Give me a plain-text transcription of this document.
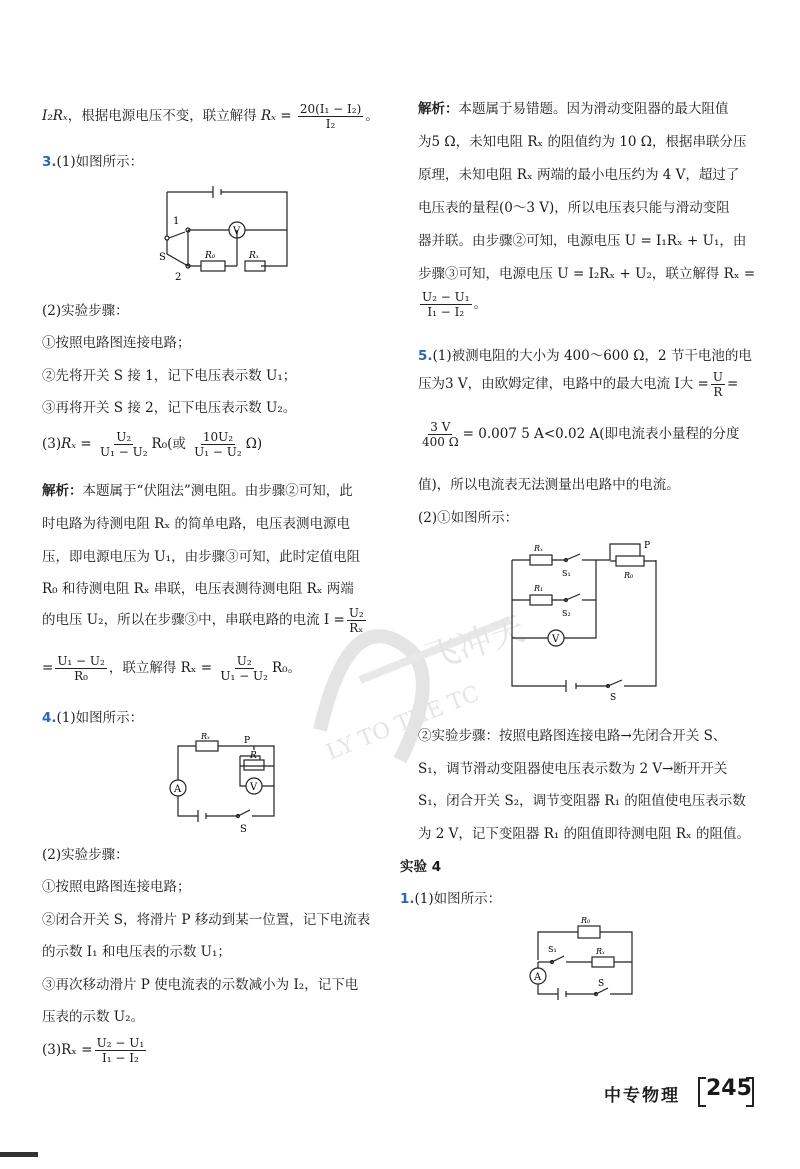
飞冲天
LY TO THE TC
I₂Rₓ，根据电源电压不变，联立解得 $R_x = \frac{\text{20(I₁ − I₂)}}{\text{I₂}}$ 。
3.(1)如图所示：
V
1
S
2
R₀	Rₓ
(2)实验步骤：
①按照电路图连接电路；
②先将开关 S 接 1，记下电压表示数 U₁；
③再将开关 S 接 2，记下电压表示数 U₂。
$(3)R_x = \frac{\text{U₂}}{\text{U₁ − U₂}} R_0$(或 $\frac{\text{10U₂}}{\text{U₁ − U₂}} \Omega$)
解析：本题属于“伏阻法”测电阻。由步骤②可知，此
时电路为待测电阻 Rₓ 的简单电路，电压表测电源电
压，即电源电压为 U₁，由步骤③可知，此时定值电阻
R₀ 和待测电阻 Rₓ 串联，电压表测待测电阻 Rₓ 两端
的电压 U₂，所以在步骤③中，串联电路的电流 $I = \frac{\text{U₂}}{\text{Rₓ}}$
= $\frac{\text{U₁ − U₂}}{\text{R₀}}$ ，联立解得 $R_x = \frac{\text{U₂}}{\text{U₁ − U₂}} R_0$。
4.(1)如图所示：
Rₓ	P
R
V
A
S
(2)实验步骤：
①按照电路图连接电路；
②闭合开关 S，将滑片 P 移动到某一位置，记下电流表
的示数 I₁ 和电压表的示数 U₁；
③再次移动滑片 P 使电流表的示数减小为 I₂，记下电
压表的示数 U₂。
$(3)R_x = \frac{\text{U₂ − U₁}}{\text{I₁ − I₂}}$
解析：本题属于易错题。因为滑动变阻器的最大阻值
为5 Ω，未知电阻 Rₓ 的阻值约为 10 Ω，根据串联分压
原理，未知电阻 Rₓ 两端的最小电压约为 4 V，超过了
电压表的量程(0～3 V)，所以电压表只能与滑动变阻
器并联。由步骤②可知，电源电压 U = I₁Rₓ + U₁，由
步骤③可知，电源电压 U = I₂Rₓ + U₂，联立解得 Rₓ =
$\frac{\text{U₂ − U₁}}{\text{I₁ − I₂}}$ 。
5.(1)被测电阻的大小为 400～600 Ω，2 节干电池的电
压为3 V，由欧姆定律，电路中的最大电流 I大 = $\frac{U}{R}$ =
$\frac{3 V}{400 \Omega} = 0.007$ 5 A<0.02 A(即电流表小量程的分度
值)，所以电流表无法测量出电路中的电流。
(2)①如图所示：
Rₓ
S₁
P
R₀
R₁
S₂
V
S
②实验步骤：按照电路图连接电路→先闭合开关 S、
S₁，调节滑动变阻器使电压表示数为 2 V→断开开关
S₁，闭合开关 S₂，调节变阻器 R₁ 的阻值使电压表示数
为 2 V，记下变阻器 R₁ 的阻值即待测电阻 Rₓ 的阻值。
实验 4
1.(1)如图所示：
R₀
S₁	Rₓ
A
S
中专物理 245
